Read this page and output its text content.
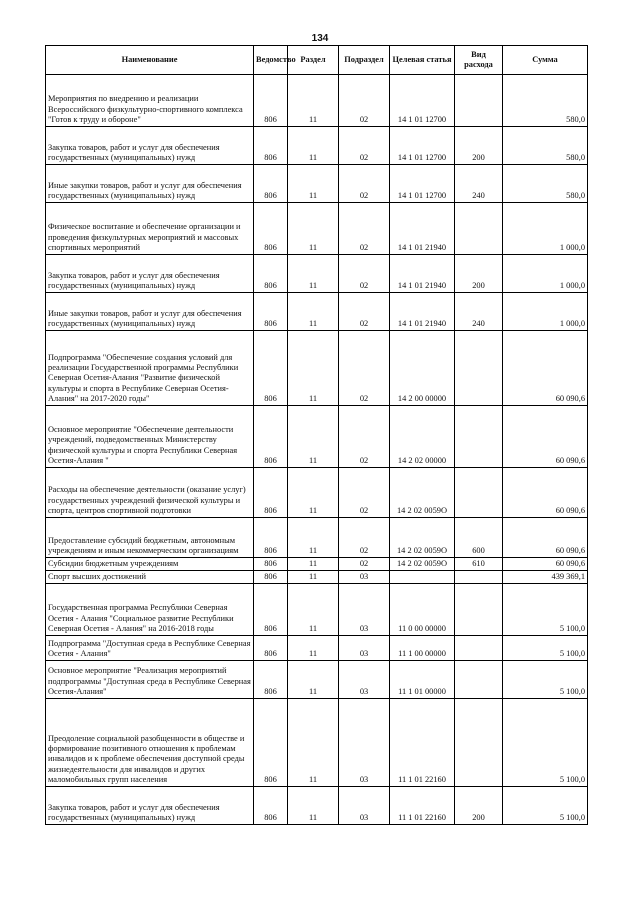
134
Наименование	Ведомство	Раздел	Подраздел	Целевая статья	Вид расхода	Сумма
Мероприятия по внедрению и реализации Всероссийского физкультурно-спортивного комплекса "Готов к труду и обороне"	806	11	02	14 1 01 12700		580,0
Закупка товаров, работ и услуг для обеспечения государственных (муниципальных) нужд	806	11	02	14 1 01 12700	200	580,0
Иные закупки товаров, работ и услуг для обеспечения государственных (муниципальных) нужд	806	11	02	14 1 01 12700	240	580,0
Физическое воспитание и обеспечение организации и проведения физкультурных мероприятий и массовых спортивных мероприятий	806	11	02	14 1 01 21940		1 000,0
Закупка товаров, работ и услуг для обеспечения государственных (муниципальных) нужд	806	11	02	14 1 01 21940	200	1 000,0
Иные закупки товаров, работ и услуг для обеспечения государственных (муниципальных) нужд	806	11	02	14 1 01 21940	240	1 000,0
Подпрограмма "Обеспечение создания условий для реализации Государственной программы Республики Северная Осетия-Алания "Развитие физической культуры и спорта в Республике Северная Осетия-Алания" на 2017-2020 годы"	806	11	02	14 2 00 00000		60 090,6
Основное мероприятие "Обеспечение деятельности учреждений, подведомственных Министерству физической культуры и спорта Республики Северная Осетия-Алания "	806	11	02	14 2 02 00000		60 090,6
Расходы на обеспечение деятельности (оказание услуг) государственных учреждений физической культуры и спорта, центров спортивной подготовки	806	11	02	14 2 02 0059О		60 090,6
Предоставление субсидий бюджетным, автономным учреждениям и иным некоммерческим организациям	806	11	02	14 2 02 0059О	600	60 090,6
Субсидии бюджетным учреждениям	806	11	02	14 2 02 0059О	610	60 090,6
Спорт высших достижений	806	11	03			439 369,1
Государственная программа Республики Северная Осетия - Алания "Социальное развитие Республики Северная Осетия - Алания" на 2016-2018 годы	806	11	03	11 0 00 00000		5 100,0
Подпрограмма "Доступная среда в Республике Северная Осетия - Алания"	806	11	03	11 1 00 00000		5 100,0
Основное мероприятие "Реализация мероприятий подпрограммы "Доступная среда в Республике Северная Осетия-Алания"	806	11	03	11 1 01 00000		5 100,0
Преодоление социальной разобщенности в обществе и формирование позитивного отношения к проблемам инвалидов и к проблеме обеспечения доступной среды жизнедеятельности для инвалидов и других маломобильных групп населения	806	11	03	11 1 01 22160		5 100,0
Закупка товаров, работ и услуг для обеспечения государственных (муниципальных) нужд	806	11	03	11 1 01 22160	200	5 100,0
